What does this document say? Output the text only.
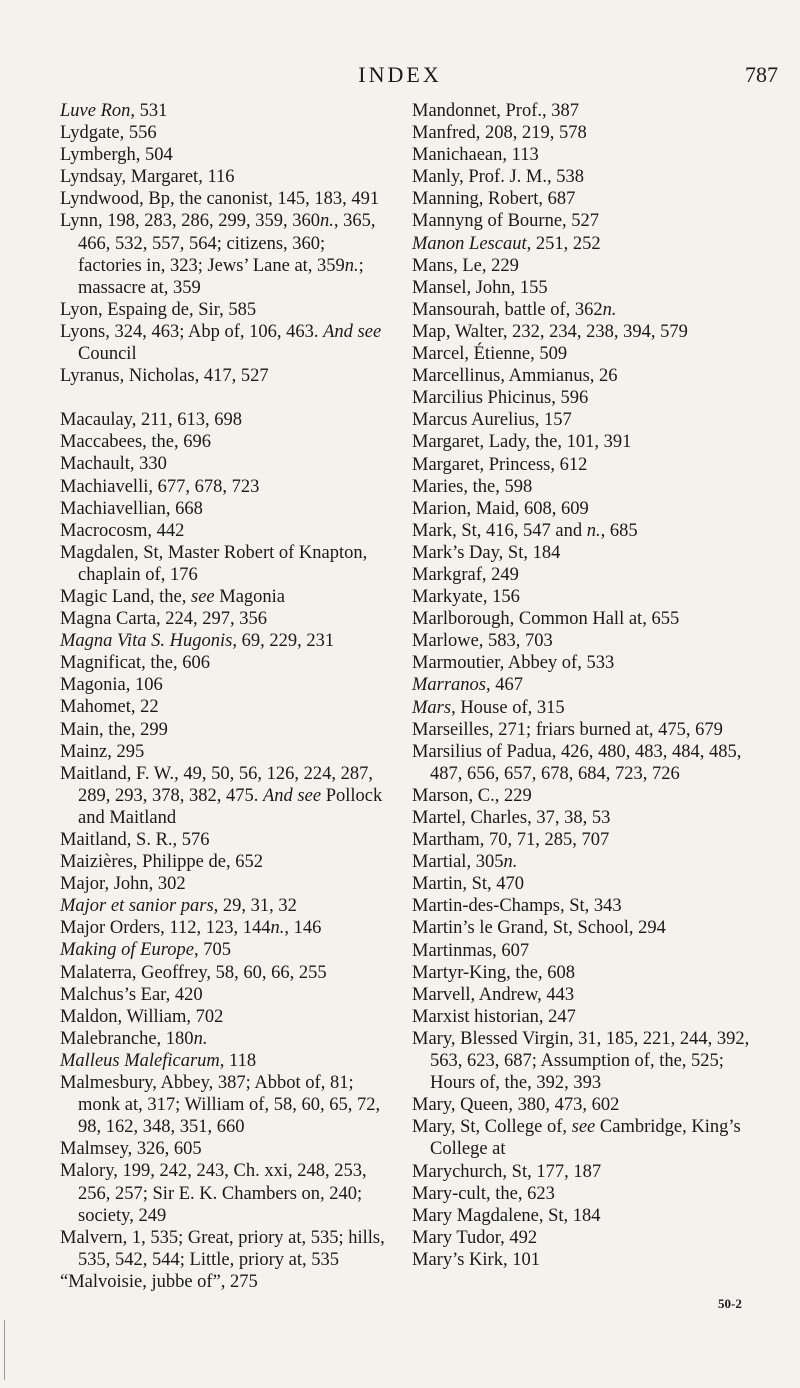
INDEX	787

Luve Ron, 531

Lydgate, 556

Lymbergh, 504

Lyndsay, Margaret, 116

Lyndwood, Bp, the canonist, 145, 183, 491

Lynn, 198, 283, 286, 299, 359, 360n., 365, 466, 532, 557, 564; citizens, 360; factories in, 323; Jews’ Lane at, 359n.; massacre at, 359

Lyon, Espaing de, Sir, 585

Lyons, 324, 463; Abp of, 106, 463. And see Council

Lyranus, Nicholas, 417, 527

Macaulay, 211, 613, 698

Maccabees, the, 696

Machault, 330

Machiavelli, 677, 678, 723

Machiavellian, 668

Macrocosm, 442

Magdalen, St, Master Robert of Knapton, chaplain of, 176

Magic Land, the, see Magonia

Magna Carta, 224, 297, 356

Magna Vita S. Hugonis, 69, 229, 231

Magnificat, the, 606

Magonia, 106

Mahomet, 22

Main, the, 299

Mainz, 295

Maitland, F. W., 49, 50, 56, 126, 224, 287, 289, 293, 378, 382, 475. And see Pollock and Maitland

Maitland, S. R., 576

Maizières, Philippe de, 652

Major, John, 302

Major et sanior pars, 29, 31, 32

Major Orders, 112, 123, 144n., 146

Making of Europe, 705

Malaterra, Geoffrey, 58, 60, 66, 255

Malchus’s Ear, 420

Maldon, William, 702

Malebranche, 180n.

Malleus Maleficarum, 118

Malmesbury, Abbey, 387; Abbot of, 81; monk at, 317; William of, 58, 60, 65, 72, 98, 162, 348, 351, 660

Malmsey, 326, 605

Malory, 199, 242, 243, Ch. xxi, 248, 253, 256, 257; Sir E. K. Chambers on, 240; society, 249

Malvern, 1, 535; Great, priory at, 535; hills, 535, 542, 544; Little, priory at, 535

“Malvoisie, jubbe of”, 275

Mandonnet, Prof., 387

Manfred, 208, 219, 578

Manichaean, 113

Manly, Prof. J. M., 538

Manning, Robert, 687

Mannyng of Bourne, 527

Manon Lescaut, 251, 252

Mans, Le, 229

Mansel, John, 155

Mansourah, battle of, 362n.

Map, Walter, 232, 234, 238, 394, 579

Marcel, Étienne, 509

Marcellinus, Ammianus, 26

Marcilius Phicinus, 596

Marcus Aurelius, 157

Margaret, Lady, the, 101, 391

Margaret, Princess, 612

Maries, the, 598

Marion, Maid, 608, 609

Mark, St, 416, 547 and n., 685

Mark’s Day, St, 184

Markgraf, 249

Markyate, 156

Marlborough, Common Hall at, 655

Marlowe, 583, 703

Marmoutier, Abbey of, 533

Marranos, 467

Mars, House of, 315

Marseilles, 271; friars burned at, 475, 679

Marsilius of Padua, 426, 480, 483, 484, 485, 487, 656, 657, 678, 684, 723, 726

Marson, C., 229

Martel, Charles, 37, 38, 53

Martham, 70, 71, 285, 707

Martial, 305n.

Martin, St, 470

Martin-des-Champs, St, 343

Martin’s le Grand, St, School, 294

Martinmas, 607

Martyr-King, the, 608

Marvell, Andrew, 443

Marxist historian, 247

Mary, Blessed Virgin, 31, 185, 221, 244, 392, 563, 623, 687; Assumption of, the, 525; Hours of, the, 392, 393

Mary, Queen, 380, 473, 602

Mary, St, College of, see Cambridge, King’s College at

Marychurch, St, 177, 187

Mary-cult, the, 623

Mary Magdalene, St, 184

Mary Tudor, 492

Mary’s Kirk, 101

50-2
